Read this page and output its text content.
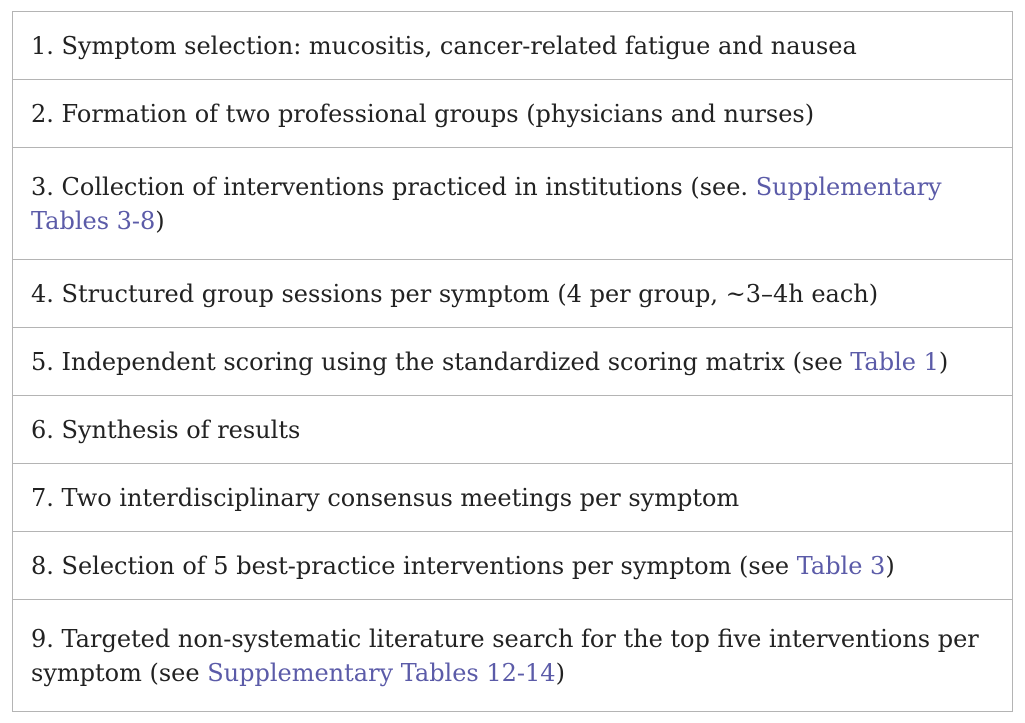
1. Symptom selection: mucositis, cancer-related fatigue and nausea
2. Formation of two professional groups (physicians and nurses)
3. Collection of interventions practiced in institutions (see. Supplementary Tables 3-8)
4. Structured group sessions per symptom (4 per group, ~3–4h each)
5. Independent scoring using the standardized scoring matrix (see Table 1)
6. Synthesis of results
7. Two interdisciplinary consensus meetings per symptom
8. Selection of 5 best-practice interventions per symptom (see Table 3)
9. Targeted non-systematic literature search for the top five interventions per symptom (see Supplementary Tables 12-14)
